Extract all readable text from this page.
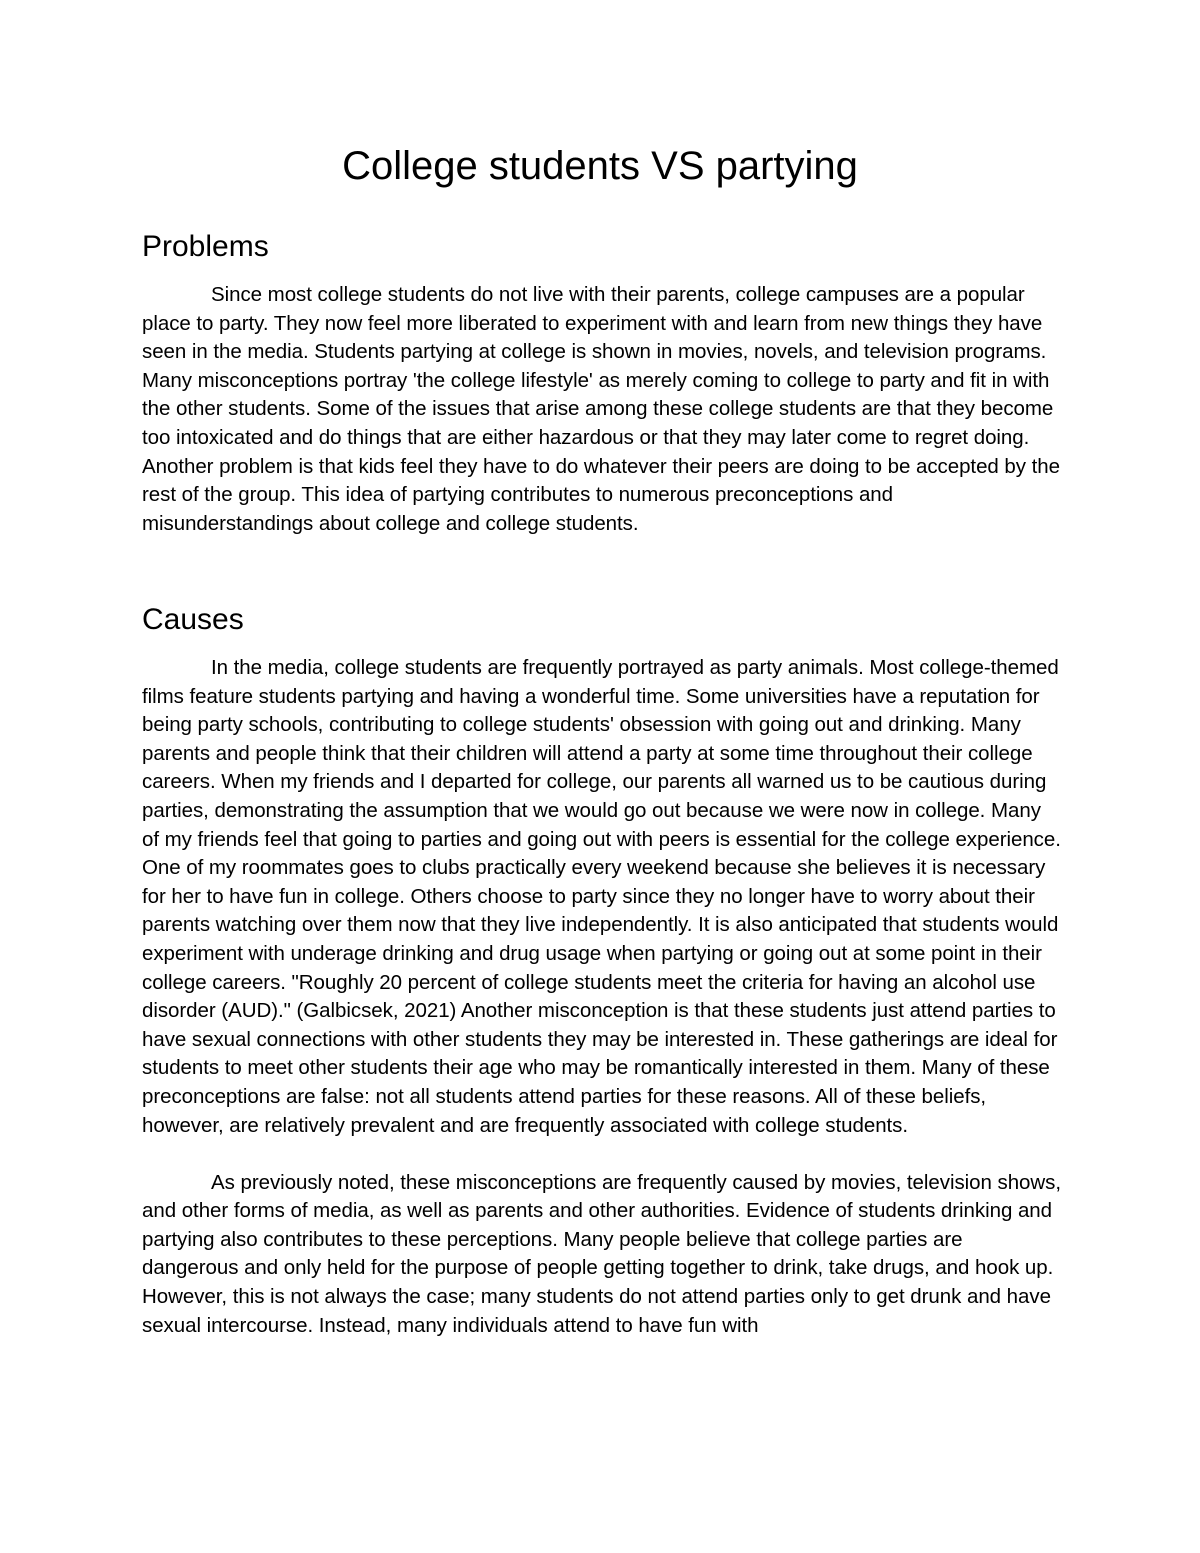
College students VS partying
Problems

Since most college students do not live with their parents, college campuses are a popular place to party. They now feel more liberated to experiment with and learn from new things they have seen in the media. Students partying at college is shown in movies, novels, and television programs. Many misconceptions portray 'the college lifestyle' as merely coming to college to party and fit in with the other students. Some of the issues that arise among these college students are that they become too intoxicated and do things that are either hazardous or that they may later come to regret doing. Another problem is that kids feel they have to do whatever their peers are doing to be accepted by the rest of the group. This idea of partying contributes to numerous preconceptions and misunderstandings about college and college students.

Causes

In the media, college students are frequently portrayed as party animals. Most college-themed films feature students partying and having a wonderful time. Some universities have a reputation for being party schools, contributing to college students' obsession with going out and drinking. Many parents and people think that their children will attend a party at some time throughout their college careers. When my friends and I departed for college, our parents all warned us to be cautious during parties, demonstrating the assumption that we would go out because we were now in college. Many of my friends feel that going to parties and going out with peers is essential for the college experience. One of my roommates goes to clubs practically every weekend because she believes it is necessary for her to have fun in college. Others choose to party since they no longer have to worry about their parents watching over them now that they live independently. It is also anticipated that students would experiment with underage drinking and drug usage when partying or going out at some point in their college careers. "Roughly 20 percent of college students meet the criteria for having an alcohol use disorder (AUD)." (Galbicsek, 2021) Another misconception is that these students just attend parties to have sexual connections with other students they may be interested in. These gatherings are ideal for students to meet other students their age who may be romantically interested in them. Many of these preconceptions are false: not all students attend parties for these reasons. All of these beliefs, however, are relatively prevalent and are frequently associated with college students.

As previously noted, these misconceptions are frequently caused by movies, television shows, and other forms of media, as well as parents and other authorities. Evidence of students drinking and partying also contributes to these perceptions. Many people believe that college parties are dangerous and only held for the purpose of people getting together to drink, take drugs, and hook up. However, this is not always the case; many students do not attend parties only to get drunk and have sexual intercourse. Instead, many individuals attend to have fun with
